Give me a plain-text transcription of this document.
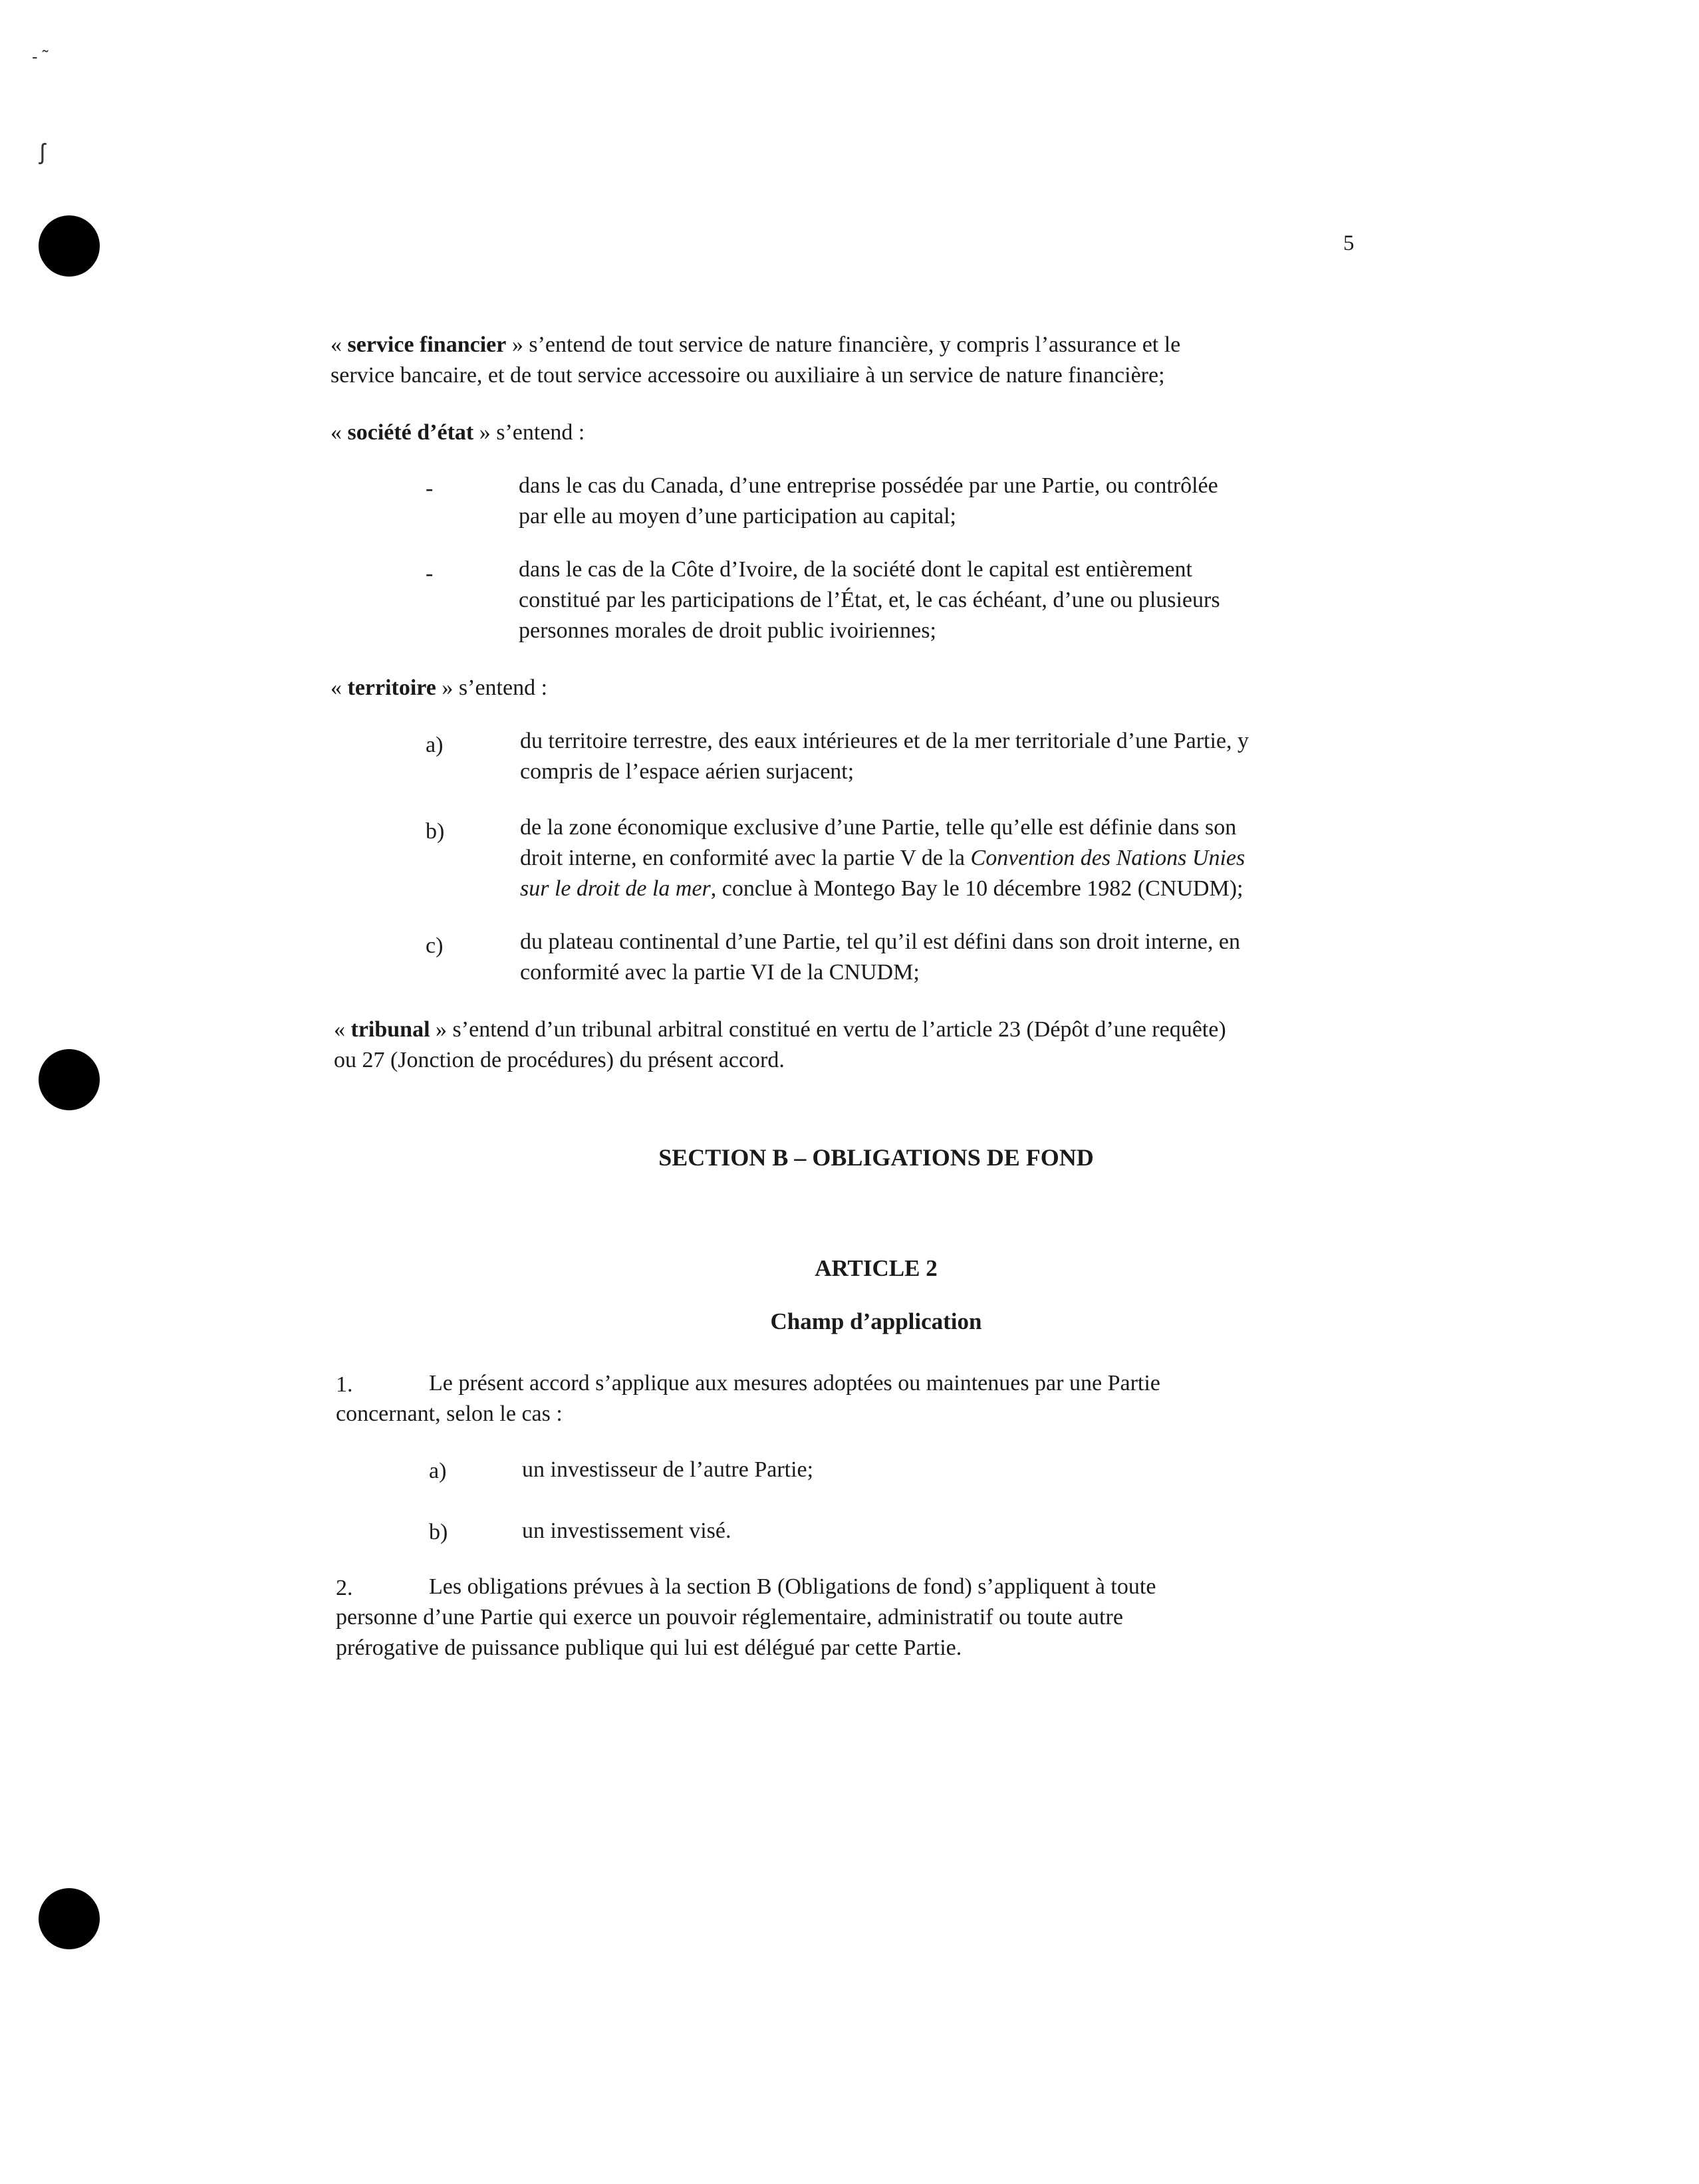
- ˜
ʃ
5

« service financier » s’entend de tout service de nature financière, y compris l’assurance et le

service bancaire, et de tout service accessoire ou auxiliaire à un service de nature financière;

« société d’état » s’entend :

-	dans le cas du Canada, d’une entreprise possédée par une Partie, ou contrôlée

par elle au moyen d’une participation au capital;

-	dans le cas de la Côte d’Ivoire, de la société dont le capital est entièrement

constitué par les participations de l’État, et, le cas échéant, d’une ou plusieurs

personnes morales de droit public ivoiriennes;

« territoire » s’entend :

a)	du territoire terrestre, des eaux intérieures et de la mer territoriale d’une Partie, y

compris de l’espace aérien surjacent;

b)	de la zone économique exclusive d’une Partie, telle qu’elle est définie dans son

droit interne, en conformité avec la partie V de la Convention des Nations Unies

sur le droit de la mer, conclue à Montego Bay le 10 décembre 1982 (CNUDM);

c)	du plateau continental d’une Partie, tel qu’il est défini dans son droit interne, en

conformité avec la partie VI de la CNUDM;

« tribunal » s’entend d’un tribunal arbitral constitué en vertu de l’article 23 (Dépôt d’une requête)

ou 27 (Jonction de procédures) du présent accord.

SECTION B – OBLIGATIONS DE FOND

ARTICLE 2

Champ d’application

1.	Le présent accord s’applique aux mesures adoptées ou maintenues par une Partie

concernant, selon le cas :

a)	un investisseur de l’autre Partie;

b)	un investissement visé.

2.	Les obligations prévues à la section B (Obligations de fond) s’appliquent à toute

personne d’une Partie qui exerce un pouvoir réglementaire, administratif ou toute autre

prérogative de puissance publique qui lui est délégué par cette Partie.
